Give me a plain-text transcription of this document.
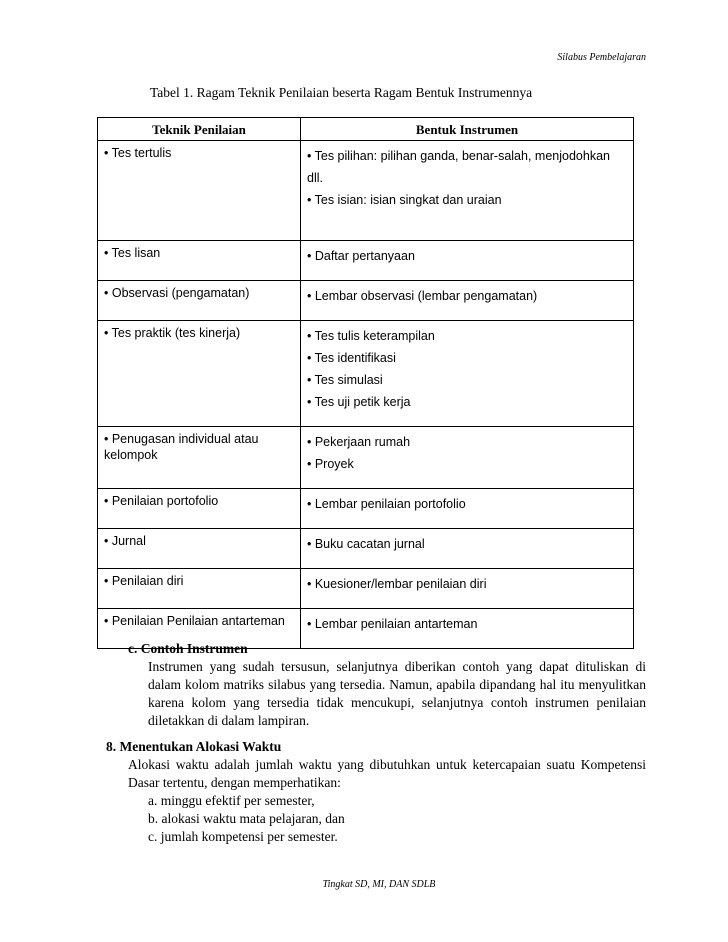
Silabus Pembelajaran
Tabel 1. Ragam Teknik Penilaian beserta Ragam Bentuk Instrumennya
Teknik Penilaian	Bentuk Instrumen

• Tes tertulis	• Tes pilihan: pilihan ganda, benar-salah, menjodohkan dll.
• Tes isian: isian singkat dan uraian

• Tes lisan	• Daftar pertanyaan

• Observasi (pengamatan)	• Lembar observasi (lembar pengamatan)

• Tes praktik (tes kinerja)	• Tes tulis keterampilan
• Tes identifikasi
• Tes simulasi
• Tes uji petik kerja

• Penugasan individual atau kelompok	• Pekerjaan rumah
• Proyek

• Penilaian portofolio	• Lembar penilaian portofolio

• Jurnal	• Buku cacatan jurnal

• Penilaian diri	• Kuesioner/lembar penilaian diri

• Penilaian Penilaian antarteman	• Lembar penilaian antarteman
c. Contoh Instrumen

Instrumen yang sudah tersusun, selanjutnya diberikan contoh yang dapat dituliskan di dalam kolom matriks silabus yang tersedia. Namun, apabila dipandang hal itu menyulitkan karena kolom yang tersedia tidak mencukupi, selanjutnya contoh instrumen penilaian diletakkan di dalam lampiran.

8. Menentukan Alokasi Waktu

Alokasi waktu adalah jumlah waktu yang dibutuhkan untuk ketercapaian suatu Kompetensi Dasar tertentu, dengan memperhatikan:

a. minggu efektif per semester,
b. alokasi waktu mata pelajaran, dan
c. jumlah kompetensi per semester.
Tingkat SD, MI, DAN SDLB
